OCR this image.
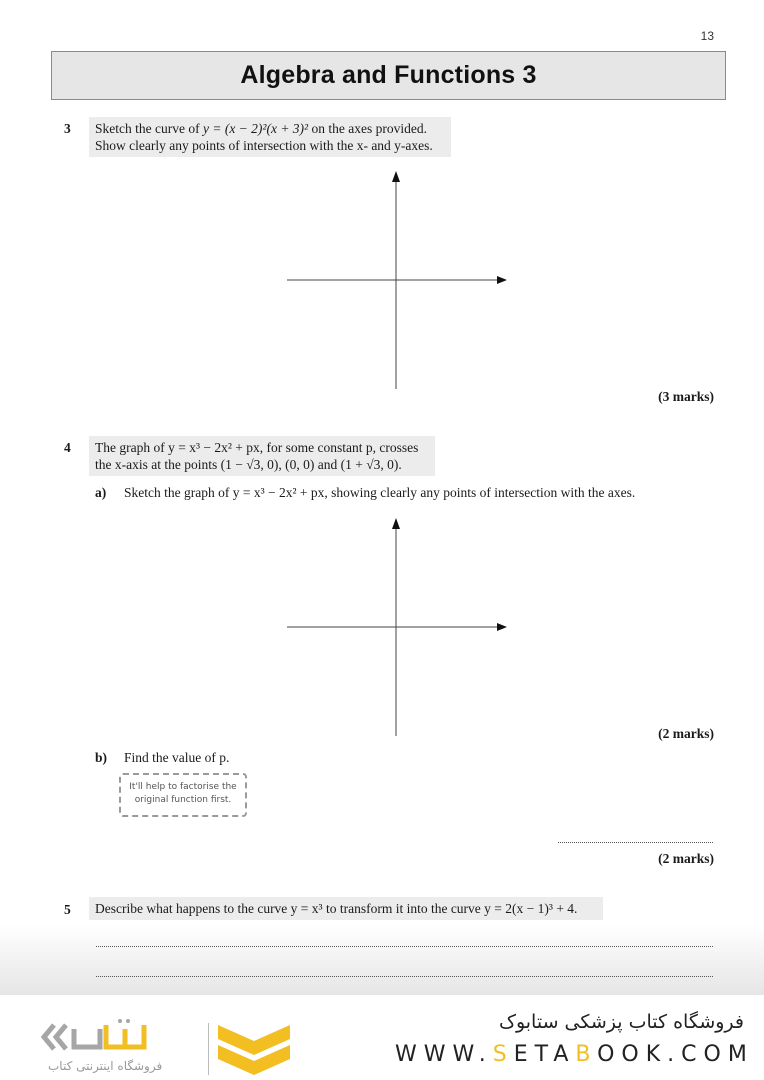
13
Algebra and Functions 3
3 Sketch the curve of y = (x − 2)²(x + 3)² on the axes provided.
Show clearly any points of intersection with the x- and y-axes.
(3 marks)
4 The graph of y = x³ − 2x² + px, for some constant p, crosses
the x-axis at the points (1 − √3, 0), (0, 0) and (1 + √3, 0).
a) Sketch the graph of y = x³ − 2x² + px, showing clearly any points of intersection with the axes.
(2 marks)
b) Find the value of p.
It'll help to factorise the
original function first.
(2 marks)
5	Describe what happens to the curve y = x³ to transform it into the curve y = 2(x − 1)³ + 4.
فروشگاه اینترنتی کتاب
فروشگاه کتاب پزشکی ستابوک
WWW.SETABOOK.COM
